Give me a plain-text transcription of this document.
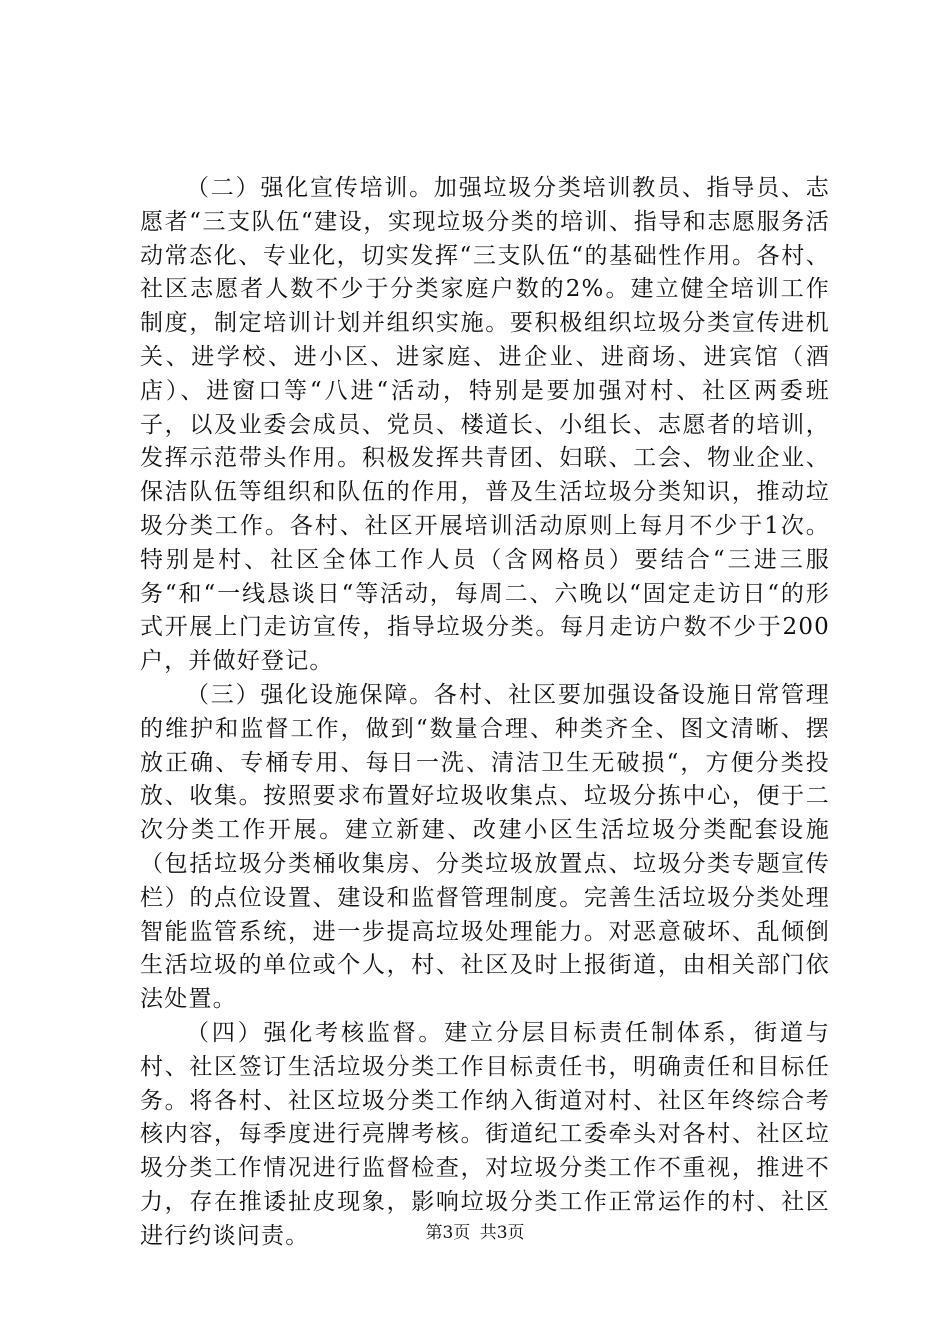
（二）强化宣传培训。加强垃圾分类培训教员、指导员、志愿者“三支队伍“建设，实现垃圾分类的培训、指导和志愿服务活动常态化、专业化，切实发挥“三支队伍“的基础性作用。各村、社区志愿者人数不少于分类家庭户数的2%。建立健全培训工作制度，制定培训计划并组织实施。要积极组织垃圾分类宣传进机关、进学校、进小区、进家庭、进企业、进商场、进宾馆（酒店）、进窗口等“八进“活动，特别是要加强对村、社区两委班子，以及业委会成员、党员、楼道长、小组长、志愿者的培训，发挥示范带头作用。积极发挥共青团、妇联、工会、物业企业、保洁队伍等组织和队伍的作用，普及生活垃圾分类知识，推动垃圾分类工作。各村、社区开展培训活动原则上每月不少于1次。特别是村、社区全体工作人员（含网格员）要结合“三进三服务“和“一线恳谈日“等活动，每周二、六晚以“固定走访日“的形式开展上门走访宣传，指导垃圾分类。每月走访户数不少于200户，并做好登记。

（三）强化设施保障。各村、社区要加强设备设施日常管理的维护和监督工作，做到“数量合理、种类齐全、图文清晰、摆放正确、专桶专用、每日一洗、清洁卫生无破损“，方便分类投放、收集。按照要求布置好垃圾收集点、垃圾分拣中心，便于二次分类工作开展。建立新建、改建小区生活垃圾分类配套设施（包括垃圾分类桶收集房、分类垃圾放置点、垃圾分类专题宣传栏）的点位设置、建设和监督管理制度。完善生活垃圾分类处理智能监管系统，进一步提高垃圾处理能力。对恶意破坏、乱倾倒生活垃圾的单位或个人，村、社区及时上报街道，由相关部门依法处置。

（四）强化考核监督。建立分层目标责任制体系，街道与村、社区签订生活垃圾分类工作目标责任书，明确责任和目标任务。将各村、社区垃圾分类工作纳入街道对村、社区年终综合考核内容，每季度进行亮牌考核。街道纪工委牵头对各村、社区垃圾分类工作情况进行监督检查，对垃圾分类工作不重视，推进不力，存在推诿扯皮现象，影响垃圾分类工作正常运作的村、社区进行约谈问责。	第3页 共3页
